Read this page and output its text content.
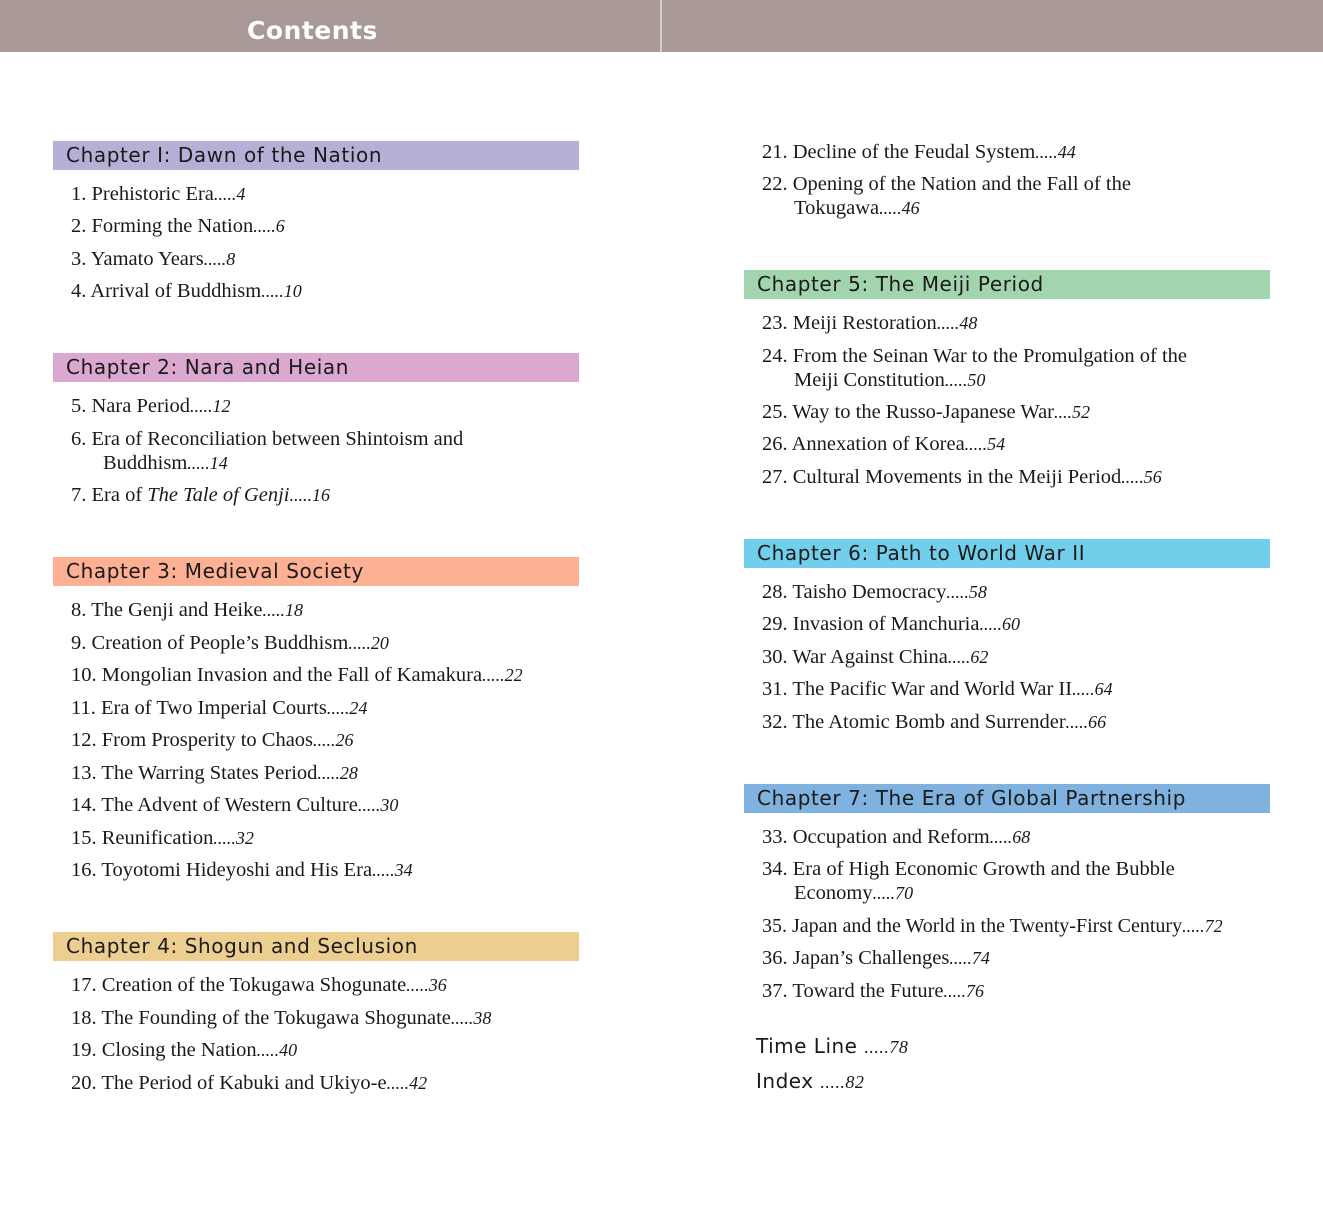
Contents
Chapter I: Dawn of the Nation
1. Prehistoric Era.....4
2. Forming the Nation.....6
3. Yamato Years.....8
4. Arrival of Buddhism.....10
Chapter 2: Nara and Heian
5. Nara Period.....12
6. Era of Reconciliation between Shintoism and
Buddhism.....14
7. Era of The Tale of Genji.....16
Chapter 3: Medieval Society
8. The Genji and Heike.....18
9. Creation of People’s Buddhism.....20
10. Mongolian Invasion and the Fall of Kamakura.....22
11. Era of Two Imperial Courts.....24
12. From Prosperity to Chaos.....26
13. The Warring States Period.....28
14. The Advent of Western Culture.....30
15. Reunification.....32
16. Toyotomi Hideyoshi and His Era.....34
Chapter 4: Shogun and Seclusion
17. Creation of the Tokugawa Shogunate.....36
18. The Founding of the Tokugawa Shogunate.....38
19. Closing the Nation.....40
20. The Period of Kabuki and Ukiyo-e.....42
21. Decline of the Feudal System.....44
22. Opening of the Nation and the Fall of the
Tokugawa.....46
Chapter 5: The Meiji Period
23. Meiji Restoration.....48
24. From the Seinan War to the Promulgation of the
Meiji Constitution.....50
25. Way to the Russo-Japanese War....52
26. Annexation of Korea.....54
27. Cultural Movements in the Meiji Period.....56
Chapter 6: Path to World War II
28. Taisho Democracy.....58
29. Invasion of Manchuria.....60
30. War Against China.....62
31. The Pacific War and World War II.....64
32. The Atomic Bomb and Surrender.....66
Chapter 7: The Era of Global Partnership
33. Occupation and Reform.....68
34. Era of High Economic Growth and the Bubble
Economy.....70
35. Japan and the World in the Twenty-First Century.....72
36. Japan’s Challenges.....74
37. Toward the Future.....76
Time Line .....78
Index .....82
